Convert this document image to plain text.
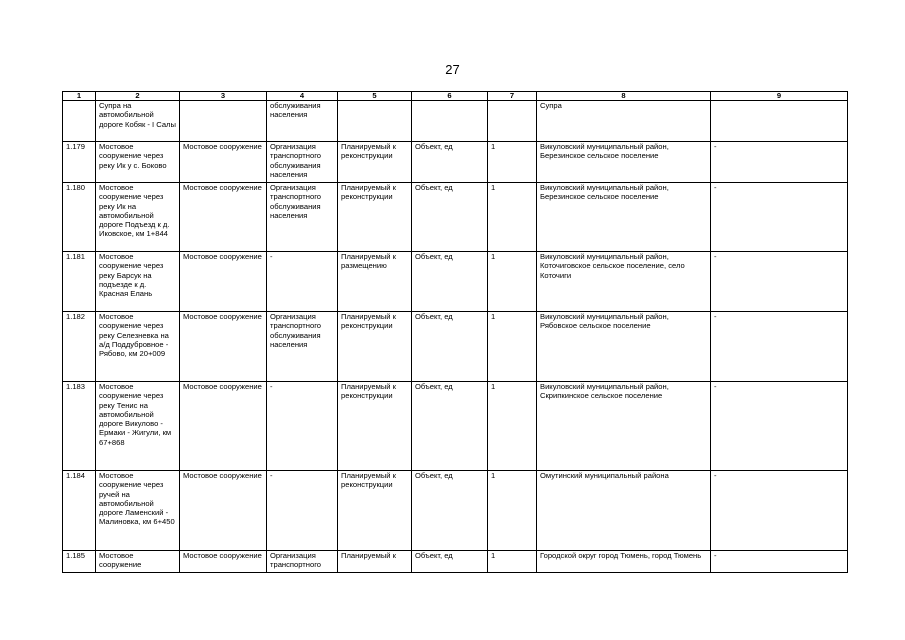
27
1	2	3	4	5	6	7	8	9
	Супра на автомобильной дороге Кобяк - I Салы		обслуживания населения				Супра	
1.179	Мостовое сооружение через реку Ик у с. Боково	Мостовое сооружение	Организация транспортного обслуживания населения	Планируемый к реконструкции	Объект, ед	1	Викуловский муниципальный район, Березинское сельское поселение	-
1.180	Мостовое сооружение через реку Ик на автомобильной дороге Подъезд к д. Иковское, км 1+844	Мостовое сооружение	Организация транспортного обслуживания населения	Планируемый к реконструкции	Объект, ед	1	Викуловский муниципальный район, Березинское сельское поселение	-
1.181	Мостовое сооружение через реку Барсук на подъезде к д. Красная Елань	Мостовое сооружение	-	Планируемый к размещению	Объект, ед	1	Викуловский муниципальный район, Коточиговское сельское поселение, село Коточиги	-
1.182	Мостовое сооружение через реку Селезневка на а/д Поддубровное - Рябово, км 20+009	Мостовое сооружение	Организация транспортного обслуживания населения	Планируемый к реконструкции	Объект, ед	1	Викуловский муниципальный район, Рябовское сельское поселение	-
1.183	Мостовое сооружение через реку Тенис на автомобильной дороге Викулово - Ермаки - Жигули, км 67+868	Мостовое сооружение	-	Планируемый к реконструкции	Объект, ед	1	Викуловский муниципальный район, Скрипкинское сельское поселение	-
1.184	Мостовое сооружение через ручей на автомобильной дороге Ламенский - Малиновка, км 6+450	Мостовое сооружение	-	Планируемый к реконструкции	Объект, ед	1	Омутинский муниципальный района	-
1.185	Мостовое сооружение	Мостовое сооружение	Организация транспортного	Планируемый к	Объект, ед	1	Городской округ город Тюмень, город Тюмень	-
